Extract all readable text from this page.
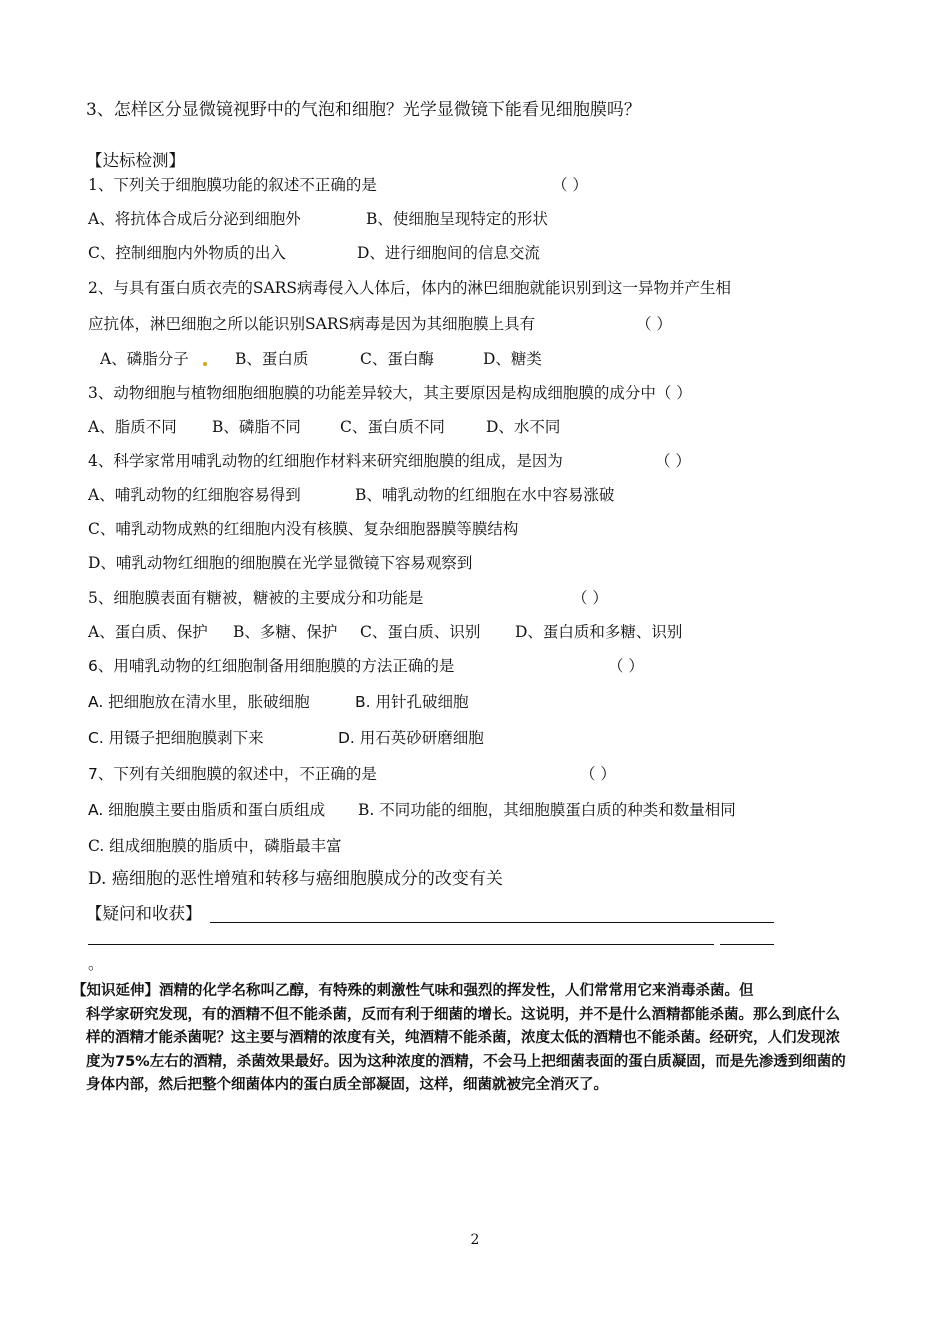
3、怎样区分显微镜视野中的气泡和细胞？光学显微镜下能看见细胞膜吗？
【达标检测】
1、下列关于细胞膜功能的叙述不正确的是	（ ）
A、将抗体合成后分泌到细胞外	B、使细胞呈现特定的形状
C、控制细胞内外物质的出入	D、进行细胞间的信息交流
2、与具有蛋白质衣壳的SARS病毒侵入人体后，体内的淋巴细胞就能识别到这一异物并产生相
应抗体，淋巴细胞之所以能识别SARS病毒是因为其细胞膜上具有	（ ）
A、磷脂分子	B、蛋白质	C、蛋白酶	D、糖类
3、动物细胞与植物细胞细胞膜的功能差异较大，其主要原因是构成细胞膜的成分中（ ）
A、脂质不同 B、磷脂不同	C、蛋白质不同	D、水不同
4、科学家常用哺乳动物的红细胞作材料来研究细胞膜的组成，是因为	（ ）
A、哺乳动物的红细胞容易得到	B、哺乳动物的红细胞在水中容易涨破
C、哺乳动物成熟的红细胞内没有核膜、复杂细胞器膜等膜结构
D、哺乳动物红细胞的细胞膜在光学显微镜下容易观察到
5、细胞膜表面有糖被，糖被的主要成分和功能是	（ ）
A、蛋白质、保护 B、多糖、保护 C、蛋白质、识别 D、蛋白质和多糖、识别
6、用哺乳动物的红细胞制备用细胞膜的方法正确的是	（ ）
A. 把细胞放在清水里，胀破细胞	B. 用针孔破细胞
C. 用镊子把细胞膜剥下来	D. 用石英砂研磨细胞
7、下列有关细胞膜的叙述中，不正确的是	（ ）
A. 细胞膜主要由脂质和蛋白质组成 B. 不同功能的细胞，其细胞膜蛋白质的种类和数量相同
C. 组成细胞膜的脂质中，磷脂最丰富
D. 癌细胞的恶性增殖和转移与癌细胞膜成分的改变有关
【疑问和收获】
。
【知识延伸】酒精的化学名称叫乙醇，有特殊的刺激性气味和强烈的挥发性，人们常常用它来消毒杀菌。但
科学家研究发现，有的酒精不但不能杀菌，反而有利于细菌的增长。这说明，并不是什么酒精都能杀菌。那么到底什么样的酒精才能杀菌呢？这主要与酒精的浓度有关，纯酒精不能杀菌，浓度太低的酒精也不能杀菌。经研究，人们发现浓度为75%左右的酒精，杀菌效果最好。因为这种浓度的酒精，不会马上把细菌表面的蛋白质凝固，而是先渗透到细菌的身体内部，然后把整个细菌体内的蛋白质全部凝固，这样，细菌就被完全消灭了。
2
